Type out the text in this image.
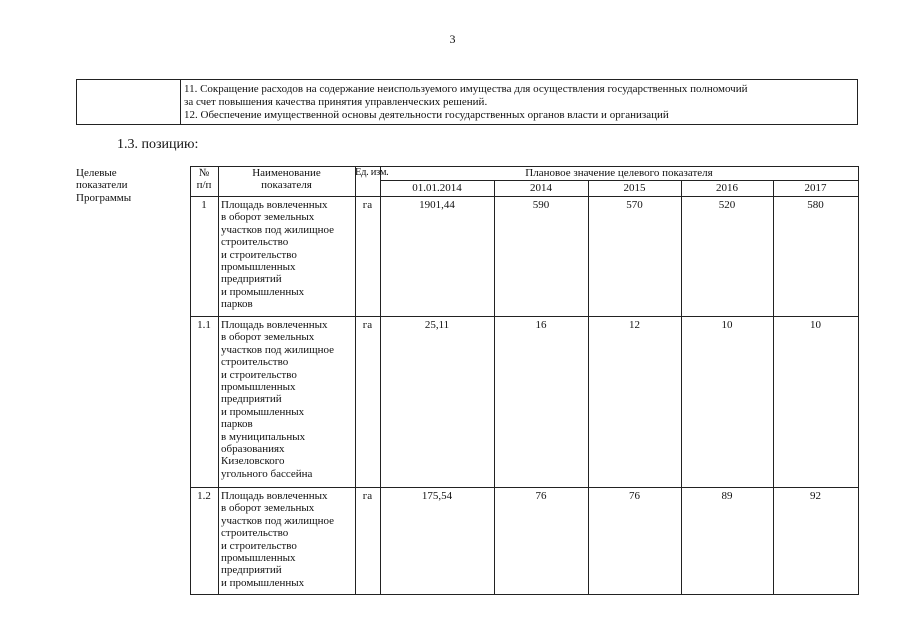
3
11. Сокращение расходов на содержание неиспользуемого имущества для осуществления государственных полномочий
за счет повышения качества принятия управленческих решений.
12. Обеспечение имущественной основы деятельности государственных органов власти и организаций
1.3. позицию:
Целевые
показатели
Программы
№
п/п
Наименование
показателя
Ед. изм.	Плановое значение целевого показателя
01.01.2014	2014	2015	2016	2017
1	Площадь вовлеченных
в оборот земельных
участков под жилищное
строительство
и строительство
промышленных
предприятий
и промышленных
парков
га	1901,44	590	570	520	580
1.1 Площадь вовлеченных
в оборот земельных
участков под жилищное
строительство
и строительство
промышленных
предприятий
и промышленных
парков
в муниципальных
образованиях
Кизеловского
угольного бассейна
га	25,11	16	12	10	10
1.2 Площадь вовлеченных
в оборот земельных
участков под жилищное
строительство
и строительство
промышленных
предприятий
и промышленных
га	175,54	76	76	89	92
